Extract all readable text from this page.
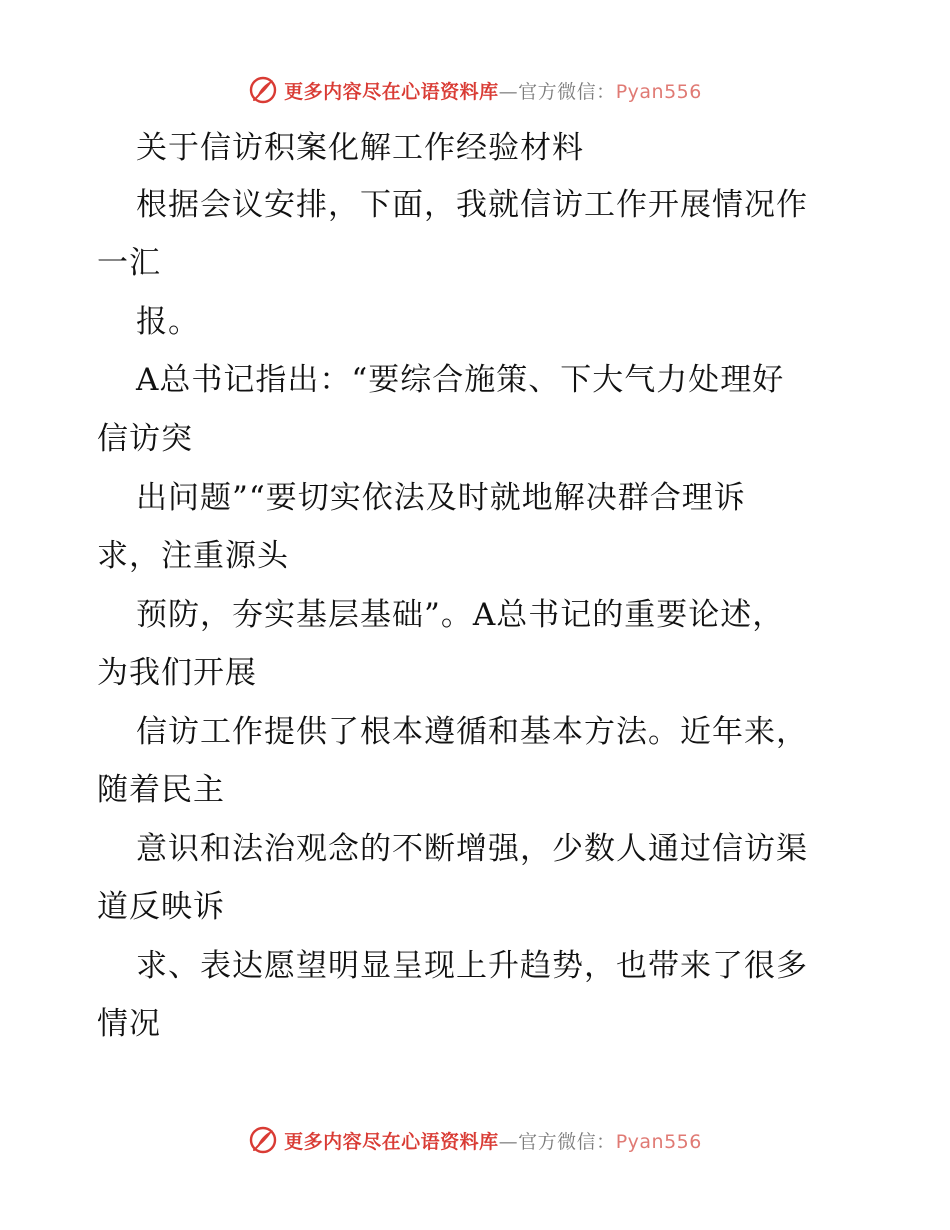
更多内容尽在心语资料库—官方微信：Pyan556
关于信访积案化解工作经验材料
根据会议安排，下面，我就信访工作开展情况作
一汇
报。
A总书记指出：“要综合施策、下大气力处理好
信访突
出问题”“要切实依法及时就地解决群合理诉
求，注重源头
预防，夯实基层基础”。A总书记的重要论述，
为我们开展
信访工作提供了根本遵循和基本方法。近年来，
随着民主
意识和法治观念的不断增强，少数人通过信访渠
道反映诉
求、表达愿望明显呈现上升趋势，也带来了很多
情况
更多内容尽在心语资料库—官方微信：Pyan556
